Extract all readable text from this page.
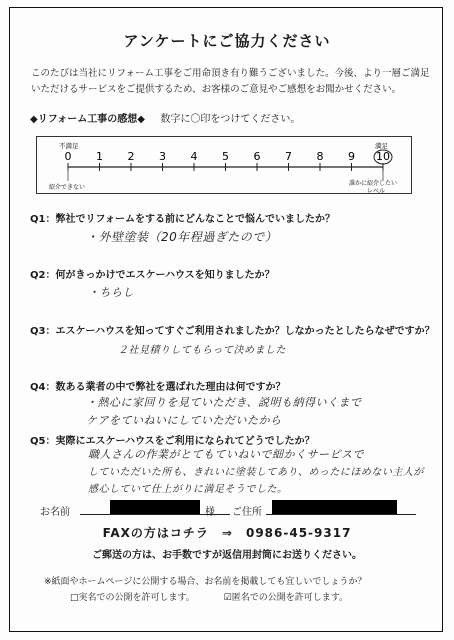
アンケートにご協力ください
このたびは当社にリフォーム工事をご用命頂き有り難うございました。今後、より一層ご満足
いただけるサービスをご提供するため、お客様のご意見やご感想をお聞かせください。
◆リフォーム工事の感想◆ 数字に〇印をつけてください。
不満足	満足
0 1 2 3 4 5 6 7 8 9 10
紹介できない
誰かに紹介したい レベル
Q1：弊社でリフォームをする前にどんなことで悩んでいましたか？
・外壁塗装（20年程過ぎたので）
Q2：何がきっかけでエスケーハウスを知りましたか？
・ちらし
Q3：エスケーハウスを知ってすぐご利用されましたか？しなかったとしたらなぜですか？
２社見積りしてもらって決めました
Q4：数ある業者の中で弊社を選ばれた理由は何ですか？
・熱心に家回りを見ていただき、説明も納得いくまで
ケアをていねいにしていただいたから
Q5：実際にエスケーハウスをご利用になられてどうでしたか？
職人さんの作業がとてもていねいで細かくサービスで
していただいた所も、きれいに塗装してあり、めったにほめない主人が
感心していて仕上がりに満足そうでした。
お名前	様 ご住所
FAXの方はコチラ　⇒　0986-45-9317
ご郵送の方は、お手数ですが返信用封筒にお送りください。
※紙面やホームページに公開する場合、お名前を掲載しても宜しいでしょうか？
□実名での公開を許可します。	☑匿名での公開を許可します。
